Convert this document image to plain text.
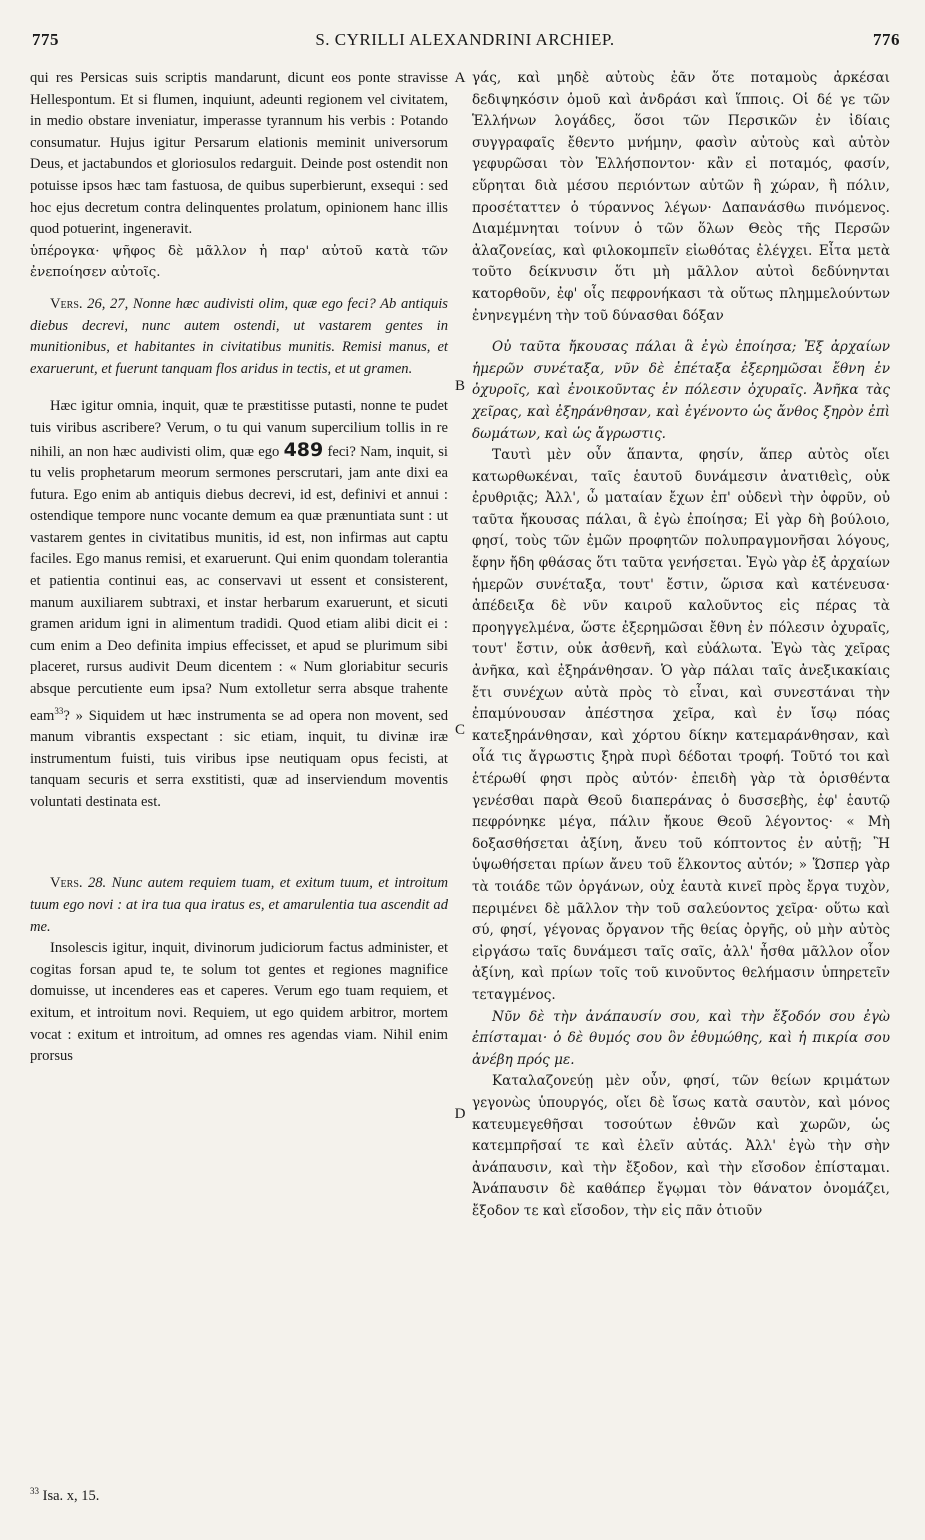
775	S. CYRILLI ALEXANDRINI ARCHIEP.	776
A
B
C
D

qui res Persicas suis scriptis mandarunt, dicunt eos ponte stravisse Hellespontum. Et si flumen, inquiunt, adeunti regionem vel civitatem, in medio obstare inveniatur, imperasse tyrannum his verbis : Potando consumatur. Hujus igitur Persarum elationis meminit universorum Deus, et jactabundos et gloriosulos redarguit. Deinde post ostendit non potuisse ipsos hæc tam fastuosa, de quibus superbierunt, exsequi : sed hoc ejus decretum contra delinquentes prolatum, opinionem hanc illis quod potuerint, ingeneravit.

ὑπέρογκα· ψῆφος δὲ μᾶλλον ἡ παρ' αὐτοῦ κατὰ τῶν ἐνεποίησεν αὐτοῖς.

Vers. 26, 27, Nonne hæc audivisti olim, quæ ego feci? Ab antiquis diebus decrevi, nunc autem ostendi, ut vastarem gentes in munitionibus, et habitantes in civitatibus munitis. Remisi manus, et exaruerunt, et fuerunt tanquam flos aridus in tectis, et ut gramen.

Hæc igitur omnia, inquit, quæ te præstitisse putasti, nonne te pudet tuis viribus ascribere? Verum, o tu qui vanum supercilium tollis in re nihili, an non hæc audivisti olim, quæ ego 489 feci? Nam, inquit, si tu velis prophetarum meorum sermones perscrutari, jam ante dixi ea futura. Ego enim ab antiquis diebus decrevi, id est, definivi et annui : ostendique tempore nunc vocante demum ea quæ prænuntiata sunt : ut vastarem gentes in civitatibus munitis, id est, non infirmas aut captu faciles. Ego manus remisi, et exaruerunt. Qui enim quondam tolerantia et patientia continui eas, ac conservavi ut essent et consisterent, manum auxiliarem subtraxi, et instar herbarum exaruerunt, et sicuti gramen aridum igni in alimentum tradidi. Quod etiam alibi dicit ei : cum enim a Deo definita impius effecisset, et apud se plurimum sibi placeret, rursus audivit Deum dicentem : « Num gloriabitur securis absque percutiente eum ipsa? Num extolletur serra absque trahente eam$^{33}$? » Siquidem ut hæc instrumenta se ad opera non movent, sed manum vibrantis exspectant : sic etiam, inquit, tu divinæ iræ instrumentum fuisti, tuis viribus ipse neutiquam opus fecisti, at tanquam securis et serra exstitisti, quæ ad inserviendum moventis voluntati destinata est.

Vers. 28. Nunc autem requiem tuam, et exitum tuum, et introitum tuum ego novi : at ira tua qua iratus es, et amarulentia tua ascendit ad me.

Insolescis igitur, inquit, divinorum judiciorum factus administer, et cogitas forsan apud te, te solum tot gentes et regiones magnifice domuisse, ut incenderes eas et caperes. Verum ego tuam requiem, et exitum, et introitum novi. Requiem, ut ego quidem arbitror, mortem vocat : exitum et introitum, ad omnes res agendas viam. Nihil enim prorsus

γάς, καὶ μηδὲ αὐτοὺς ἐᾶν ὅτε ποταμοὺς ἀρκέσαι δεδιψηκόσιν ὁμοῦ καὶ ἀνδράσι καὶ ἵπποις. Οἱ δέ γε τῶν Ἑλλήνων λογάδες, ὅσοι τῶν Περσικῶν ἐν ἰδίαις συγγραφαῖς ἔθεντο μνήμην, φασὶν αὐτοὺς καὶ αὐτὸν γεφυρῶσαι τὸν Ἑλλήσποντον· κἂν εἰ ποταμός, φασίν, εὕρηται διὰ μέσου περιόντων αὐτῶν ἢ χώραν, ἢ πόλιν, προσέταττεν ὁ τύραννος λέγων· Δαπανάσθω πινόμενος. Διαμέμνηται τοίνυν ὁ τῶν ὅλων Θεὸς τῆς Περσῶν ἀλαζονείας, καὶ φιλοκομπεῖν εἰωθότας ἐλέγχει. Εἶτα μετὰ τοῦτο δείκνυσιν ὅτι μὴ μᾶλλον αὐτοὶ δεδύνηνται κατορθοῦν, ἐφ' οἷς πεφρονήκασι τὰ οὕτως πλημμελούντων ἐνηνεγμένη τὴν τοῦ δύνασθαι δόξαν

Οὐ ταῦτα ἤκουσας πάλαι ἃ ἐγὼ ἐποίησα; Ἐξ ἀρχαίων ἡμερῶν συνέταξα, νῦν δὲ ἐπέταξα ἐξερημῶσαι ἔθνη ἐν ὀχυροῖς, καὶ ἐνοικοῦντας ἐν πόλεσιν ὀχυραῖς. Ἀνῆκα τὰς χεῖρας, καὶ ἐξηράνθησαν, καὶ ἐγένοντο ὡς ἄνθος ξηρὸν ἐπὶ δωμάτων, καὶ ὡς ἄγρωστις.

Ταυτὶ μὲν οὖν ἅπαντα, φησίν, ἅπερ αὐτὸς οἴει κατωρθωκέναι, ταῖς ἑαυτοῦ δυνάμεσιν ἀνατιθεὶς, οὐκ ἐρυθριᾷς; Ἀλλ', ὦ ματαίαν ἔχων ἐπ' οὐδενὶ τὴν ὀφρῦν, οὐ ταῦτα ἤκουσας πάλαι, ἃ ἐγὼ ἐποίησα; Εἰ γὰρ δὴ βούλοιο, φησί, τοὺς τῶν ἐμῶν προφητῶν πολυπραγμονῆσαι λόγους, ἔφην ἤδη φθάσας ὅτι ταῦτα γενήσεται. Ἐγὼ γὰρ ἐξ ἀρχαίων ἡμερῶν συνέταξα, τουτ' ἔστιν, ὥρισα καὶ κατένευσα· ἀπέδειξα δὲ νῦν καιροῦ καλοῦντος εἰς πέρας τὰ προηγγελμένα, ὥστε ἐξερημῶσαι ἔθνη ἐν πόλεσιν ὀχυραῖς, τουτ' ἔστιν, οὐκ ἀσθενῆ, καὶ εὐάλωτα. Ἐγὼ τὰς χεῖρας ἀνῆκα, καὶ ἐξηράνθησαν. Ὁ γὰρ πάλαι ταῖς ἀνεξικακίαις ἔτι συνέχων αὐτὰ πρὸς τὸ εἶναι, καὶ συνεστάναι τὴν ἐπαμύνουσαν ἀπέστησα χεῖρα, καὶ ἐν ἴσῳ πόας κατεξηράνθησαν, καὶ χόρτου δίκην κατεμαράνθησαν, καὶ οἷά τις ἄγρωστις ξηρὰ πυρὶ δέδοται τροφή. Τοῦτό τοι καὶ ἑτέρωθί φησι πρὸς αὐτόν· ἐπειδὴ γὰρ τὰ ὁρισθέντα γενέσθαι παρὰ Θεοῦ διαπεράνας ὁ δυσσεβὴς, ἐφ' ἑαυτῷ πεφρόνηκε μέγα, πάλιν ἤκουε Θεοῦ λέγοντος· « Μὴ δοξασθήσεται ἀξίνη, ἄνευ τοῦ κόπτοντος ἐν αὐτῇ; Ἢ ὑψωθήσεται πρίων ἄνευ τοῦ ἕλκοντος αὐτόν; » Ὥσπερ γὰρ τὰ τοιάδε τῶν ὀργάνων, οὐχ ἑαυτὰ κινεῖ πρὸς ἔργα τυχὸν, περιμένει δὲ μᾶλλον τὴν τοῦ σαλεύοντος χεῖρα· οὕτω καὶ σύ, φησί, γέγονας ὄργανον τῆς θείας ὀργῆς, οὐ μὴν αὐτὸς εἰργάσω ταῖς δυνάμεσι ταῖς σαῖς, ἀλλ' ἦσθα μᾶλλον οἷον ἀξίνη, καὶ πρίων τοῖς τοῦ κινοῦντος θελήμασιν ὑπηρετεῖν τεταγμένος.

Νῦν δὲ τὴν ἀνάπαυσίν σου, καὶ τὴν ἔξοδόν σου ἐγὼ ἐπίσταμαι· ὁ δὲ θυμός σου ὃν ἐθυμώθης, καὶ ἡ πικρία σου ἀνέβη πρός με.

Καταλαζονεύῃ μὲν οὖν, φησί, τῶν θείων κριμάτων γεγονὼς ὑπουργός, οἴει δὲ ἴσως κατὰ σαυτὸν, καὶ μόνος κατευμεγεθῆσαι τοσούτων ἐθνῶν καὶ χωρῶν, ὡς κατεμπρῆσαί τε καὶ ἑλεῖν αὐτάς. Ἀλλ' ἐγὼ τὴν σὴν ἀνάπαυσιν, καὶ τὴν ἔξοδον, καὶ τὴν εἴσοδον ἐπίσταμαι. Ἀνάπαυσιν δὲ καθάπερ ἔγῳμαι τὸν θάνατον ὀνομάζει, ἔξοδον τε καὶ εἴσοδον, τὴν εἰς πᾶν ὁτιοῦν

$^{33}$ Isa. x, 15.
